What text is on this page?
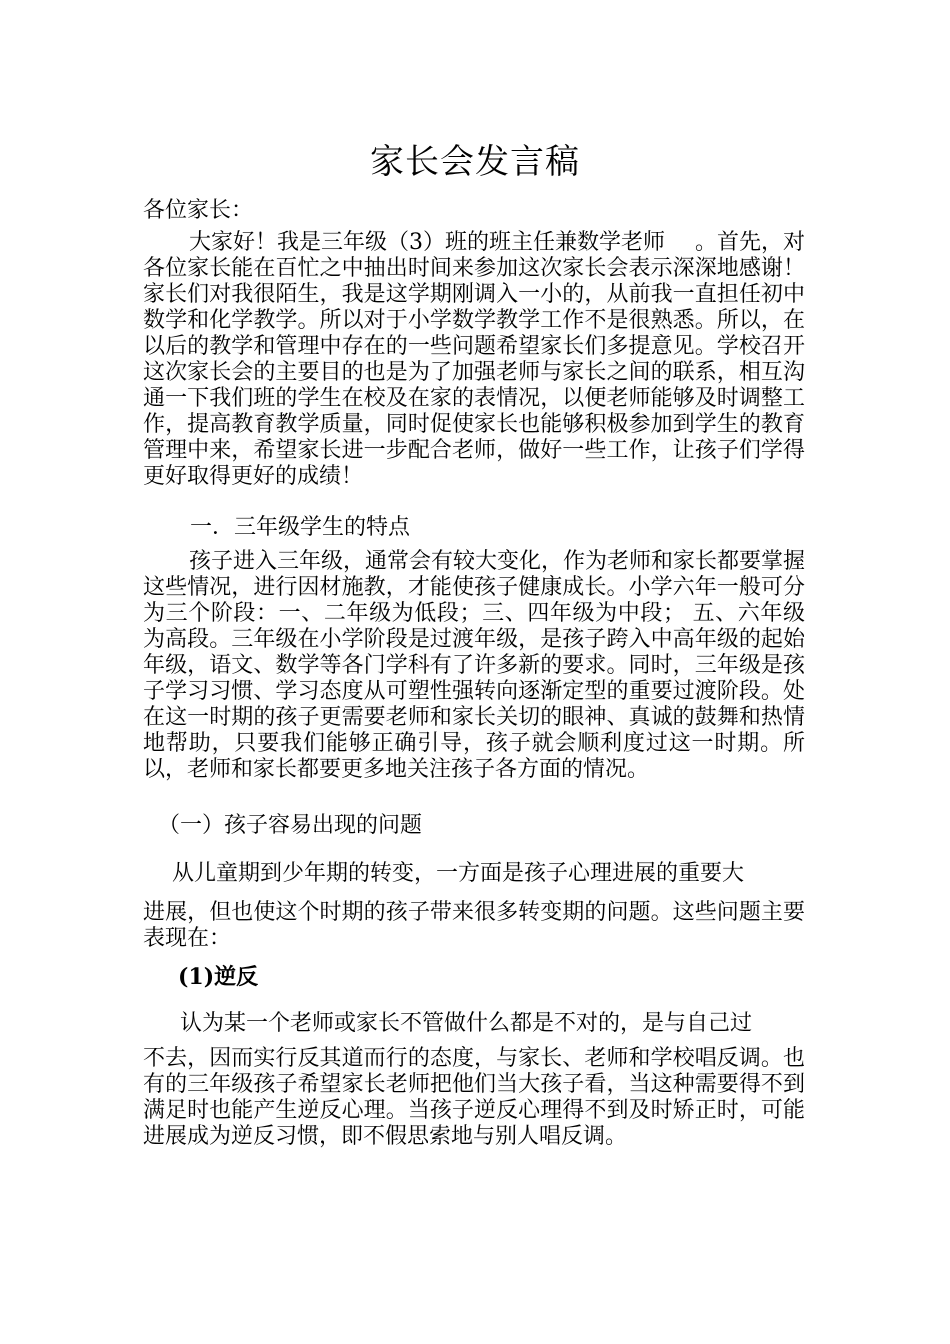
家长会发言稿
各位家长：
大家好！我是三年级（3）班的班主任兼数学老师 。首先，对各位家长能在百忙之中抽出时间来参加这次家长会表示深深地感谢！家长们对我很陌生，我是这学期刚调入一小的，从前我一直担任初中数学和化学教学。所以对于小学数学教学工作不是很熟悉。所以，在以后的教学和管理中存在的一些问题希望家长们多提意见。学校召开这次家长会的主要目的也是为了加强老师与家长之间的联系，相互沟通一下我们班的学生在校及在家的表情况，以便老师能够及时调整工作，提高教育教学质量，同时促使家长也能够积极参加到学生的教育管理中来，希望家长进一步配合老师，做好一些工作，让孩子们学得更好取得更好的成绩！
一．三年级学生的特点
孩子进入三年级，通常会有较大变化，作为老师和家长都要掌握这些情况，进行因材施教，才能使孩子健康成长。小学六年一般可分为三个阶段：一、二年级为低段；三、四年级为中段； 五、六年级为高段。三年级在小学阶段是过渡年级，是孩子跨入中高年级的起始年级，语文、数学等各门学科有了许多新的要求。同时，三年级是孩子学习习惯、学习态度从可塑性强转向逐渐定型的重要过渡阶段。处在这一时期的孩子更需要老师和家长关切的眼神、真诚的鼓舞和热情地帮助，只要我们能够正确引导，孩子就会顺利度过这一时期。所以，老师和家长都要更多地关注孩子各方面的情况。
（一）孩子容易出现的问题
从儿童期到少年期的转变，一方面是孩子心理进展的重要大
进展，但也使这个时期的孩子带来很多转变期的问题。这些问题主要表现在：
(1)逆反
认为某一个老师或家长不管做什么都是不对的，是与自己过
不去，因而实行反其道而行的态度，与家长、老师和学校唱反调。也有的三年级孩子希望家长老师把他们当大孩子看，当这种需要得不到满足时也能产生逆反心理。当孩子逆反心理得不到及时矫正时，可能进展成为逆反习惯，即不假思索地与别人唱反调。
